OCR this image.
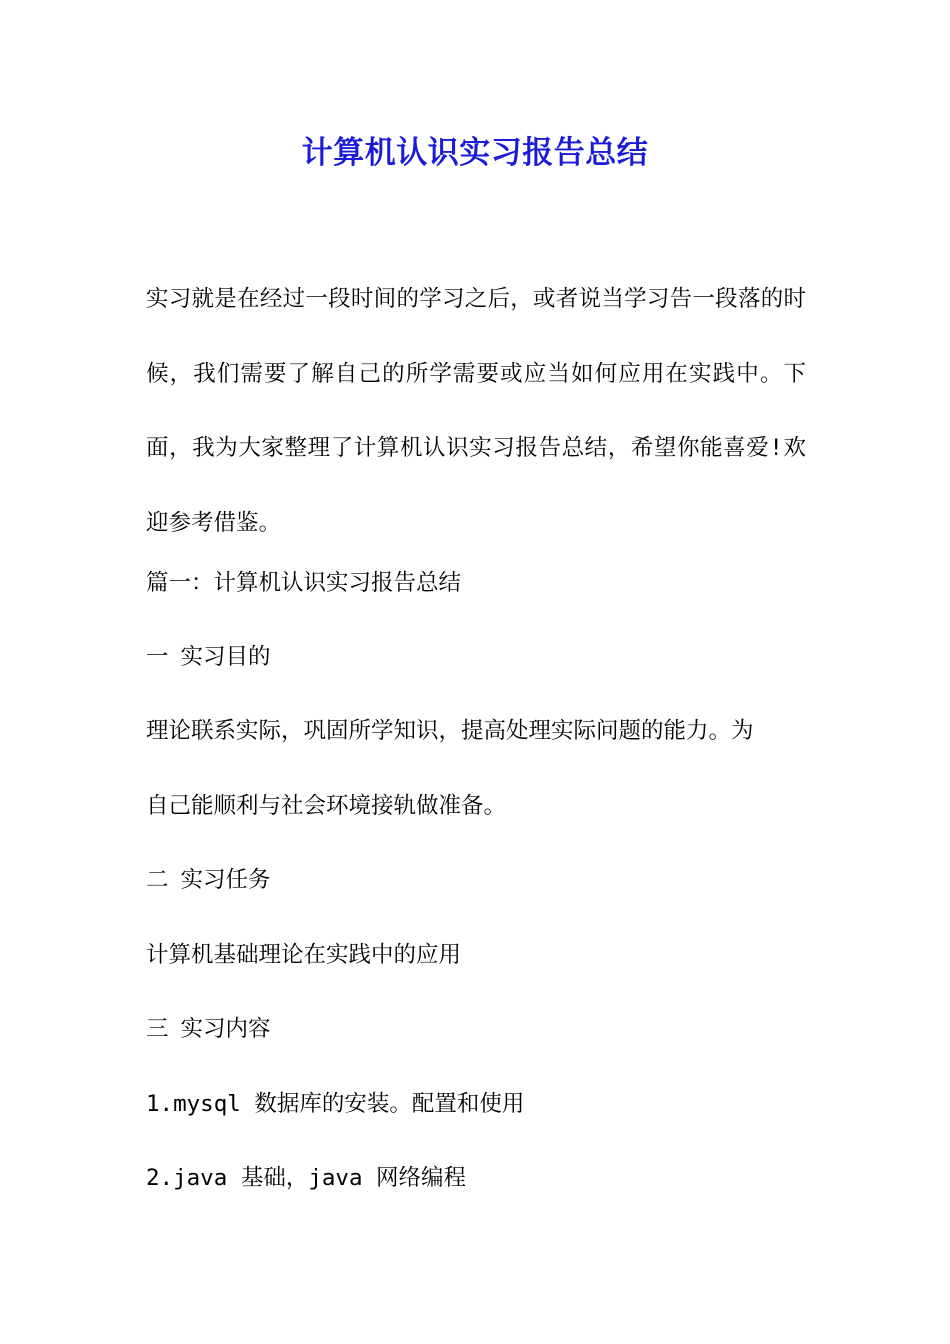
计算机认识实习报告总结
实习就是在经过一段时间的学习之后，或者说当学习告一段落的时候，我们需要了解自己的所学需要或应当如何应用在实践中。下面，我为大家整理了计算机认识实习报告总结，希望你能喜爱!欢迎参考借鉴。
篇一：计算机认识实习报告总结
一 实习目的
理论联系实际，巩固所学知识，提高处理实际问题的能力。为
自己能顺利与社会环境接轨做准备。
二 实习任务
计算机基础理论在实践中的应用
三 实习内容
1.mysql 数据库的安装。配置和使用
2.java 基础，java 网络编程
